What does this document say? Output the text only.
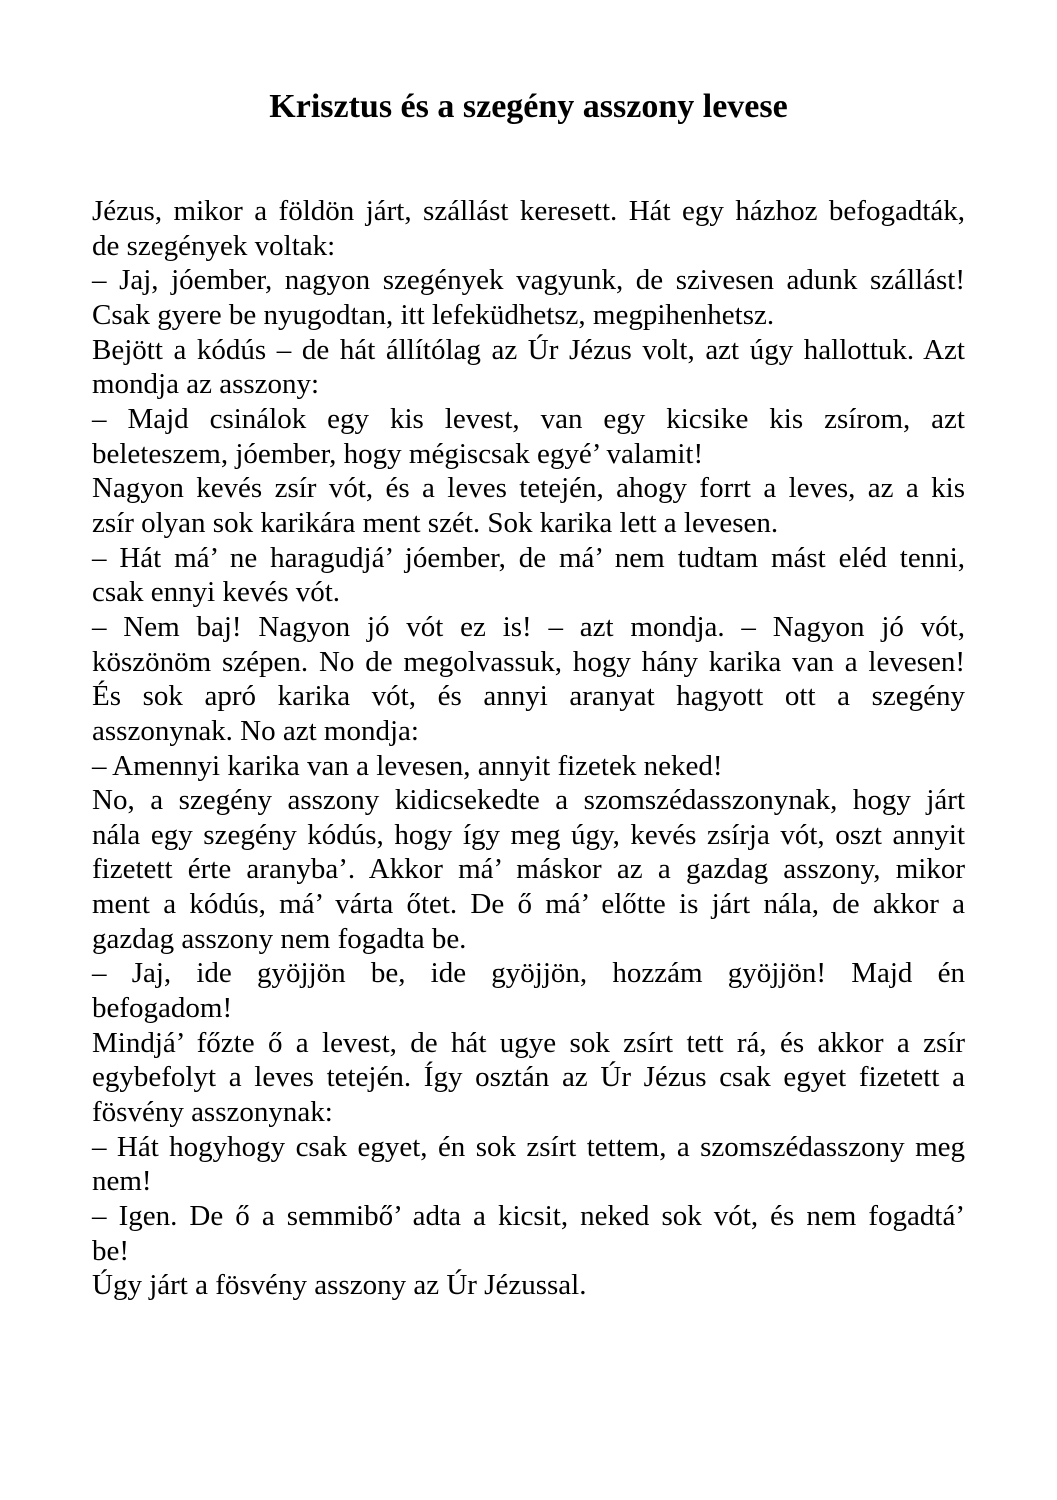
Krisztus és a szegény asszony levese
Jézus, mikor a földön járt, szállást keresett. Hát egy házhoz befogadták,
de szegények voltak:
– Jaj, jóember, nagyon szegények vagyunk, de szivesen adunk szállást!
Csak gyere be nyugodtan, itt lefeküdhetsz, megpihenhetsz.
Bejött a kódús – de hát állítólag az Úr Jézus volt, azt úgy hallottuk. Azt
mondja az asszony:
– Majd csinálok egy kis levest, van egy kicsike kis zsírom, azt
beleteszem, jóember, hogy mégiscsak egyé’ valamit!
Nagyon kevés zsír vót, és a leves tetején, ahogy forrt a leves, az a kis
zsír olyan sok karikára ment szét. Sok karika lett a levesen.
– Hát má’ ne haragudjá’ jóember, de má’ nem tudtam mást eléd tenni,
csak ennyi kevés vót.
– Nem baj! Nagyon jó vót ez is! – azt mondja. – Nagyon jó vót,
köszönöm szépen. No de megolvassuk, hogy hány karika van a levesen!
És sok apró karika vót, és annyi aranyat hagyott ott a szegény
asszonynak. No azt mondja:
– Amennyi karika van a levesen, annyit fizetek neked!
No, a szegény asszony kidicsekedte a szomszédasszonynak, hogy járt
nála egy szegény kódús, hogy így meg úgy, kevés zsírja vót, oszt annyit
fizetett érte aranyba’. Akkor má’ máskor az a gazdag asszony, mikor
ment a kódús, má’ várta őtet. De ő má’ előtte is járt nála, de akkor a
gazdag asszony nem fogadta be.
– Jaj, ide gyöjjön be, ide gyöjjön, hozzám gyöjjön! Majd én
befogadom!
Mindjá’ főzte ő a levest, de hát ugye sok zsírt tett rá, és akkor a zsír
egybefolyt a leves tetején. Így osztán az Úr Jézus csak egyet fizetett a
fösvény asszonynak:
– Hát hogyhogy csak egyet, én sok zsírt tettem, a szomszédasszony meg
nem!
– Igen. De ő a semmibő’ adta a kicsit, neked sok vót, és nem fogadtá’
be!
Úgy járt a fösvény asszony az Úr Jézussal.
